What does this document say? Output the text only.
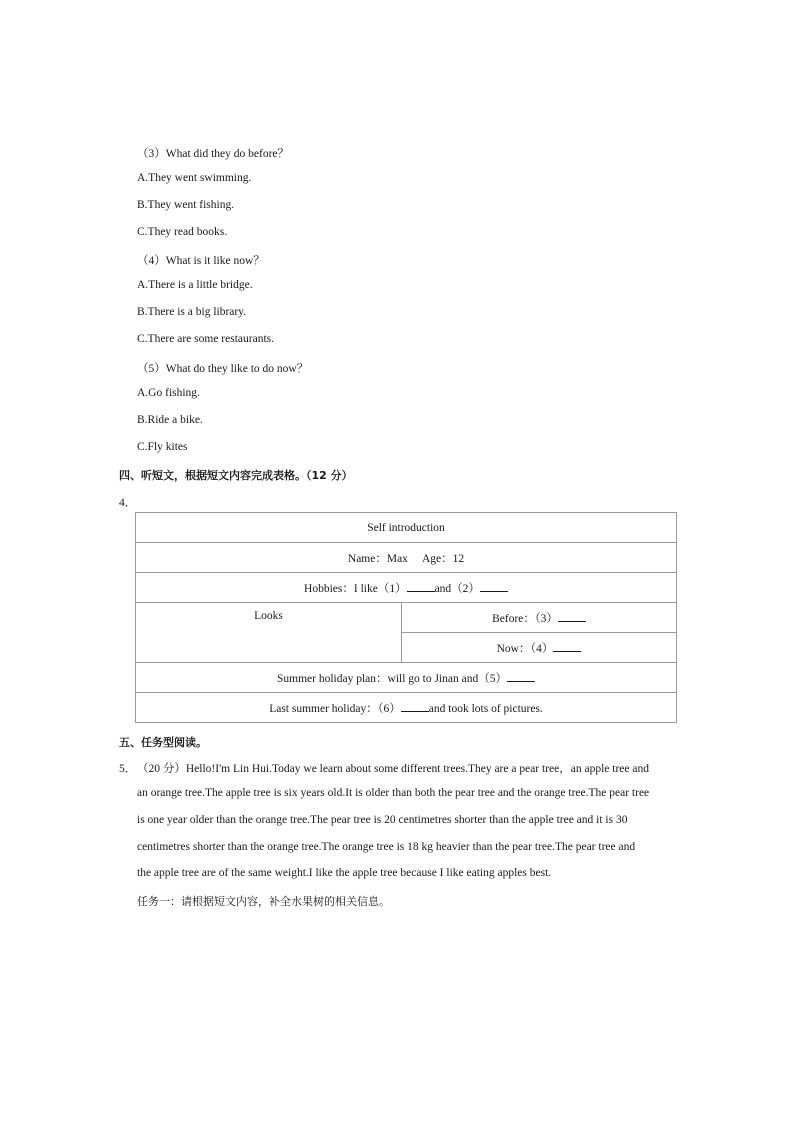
（3）What did they do before？
A.They went swimming.
B.They went fishing.
C.They read books.
（4）What is it like now？
A.There is a little bridge.
B.There is a big library.
C.There are some restaurants.
（5）What do they like to do now？
A.Go fishing.
B.Ride a bike.
C.Fly kites
四、听短文，根据短文内容完成表格。（12 分）
4．
Self introduction
Name：Max Age：12
Hobbies：I like（1） and（2）
Looks	Before：（3）
Now：（4）
Summer holiday plan：will go to Jinan and（5）
Last summer holiday：（6） and took lots of pictures.
五、任务型阅读。
5． （20 分）Hello!I'm Lin Hui.Today we learn about some different trees.They are a pear tree，an apple tree and
an orange tree.The apple tree is six years old.It is older than both the pear tree and the orange tree.The pear tree
is one year older than the orange tree.The pear tree is 20 centimetres shorter than the apple tree and it is 30
centimetres shorter than the orange tree.The orange tree is 18 kg heavier than the pear tree.The pear tree and
the apple tree are of the same weight.I like the apple tree because I like eating apples best.
任务一：请根据短文内容，补全水果树的相关信息。
